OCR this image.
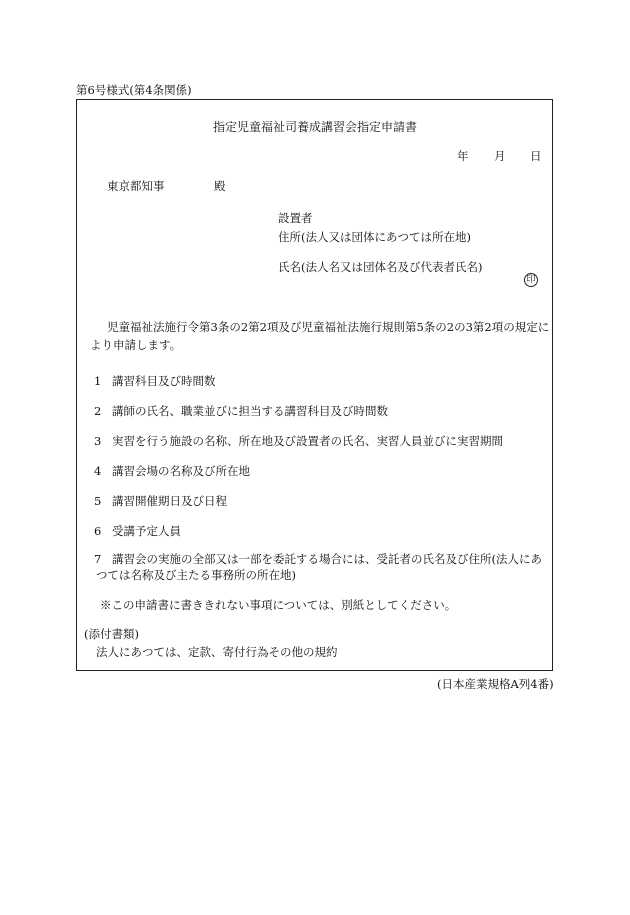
第6号様式(第4条関係)
指定児童福祉司養成講習会指定申請書
年 月 日
東京都知事	殿
設置者
住所(法人又は団体にあつては所在地)
氏名(法人名又は団体名及び代表者氏名)
印
児童福祉法施行令第3条の2第2項及び児童福祉法施行規則第5条の2の3第2項の規定に
より申請します。
1 講習科目及び時間数
2 講師の氏名、職業並びに担当する講習科目及び時間数
3 実習を行う施設の名称、所在地及び設置者の氏名、実習人員並びに実習期間
4 講習会場の名称及び所在地
5 講習開催期日及び日程
6 受講予定人員
7 講習会の実施の全部又は一部を委託する場合には、受託者の氏名及び住所(法人にあ
つては名称及び主たる事務所の所在地)
※この申請書に書ききれない事項については、別紙としてください。
(添付書類)
法人にあつては、定款、寄付行為その他の規約
(日本産業規格A列4番)
